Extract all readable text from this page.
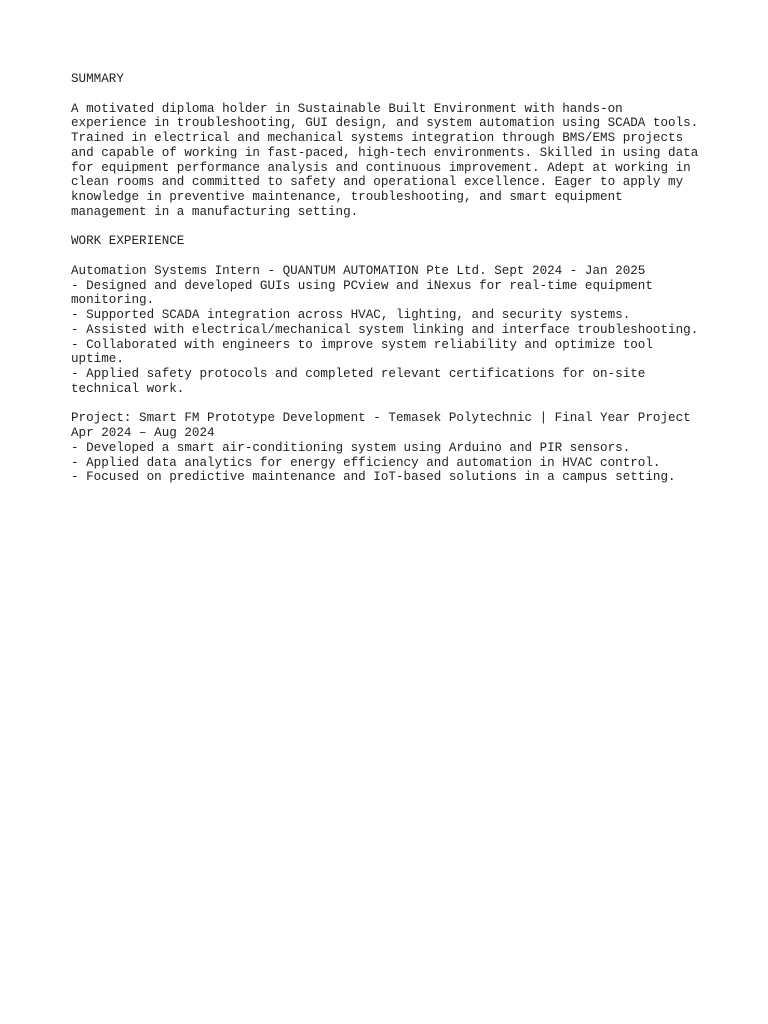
SUMMARY
A motivated diploma holder in Sustainable Built Environment with hands-on
experience in troubleshooting, GUI design, and system automation using SCADA tools.
Trained in electrical and mechanical systems integration through BMS/EMS projects
and capable of working in fast-paced, high-tech environments. Skilled in using data
for equipment performance analysis and continuous improvement. Adept at working in
clean rooms and committed to safety and operational excellence. Eager to apply my
knowledge in preventive maintenance, troubleshooting, and smart equipment
management in a manufacturing setting.
WORK EXPERIENCE
Automation Systems Intern - QUANTUM AUTOMATION Pte Ltd. Sept 2024 - Jan 2025
- Designed and developed GUIs using PCview and iNexus for real-time equipment
monitoring.
- Supported SCADA integration across HVAC, lighting, and security systems.
- Assisted with electrical/mechanical system linking and interface troubleshooting.
- Collaborated with engineers to improve system reliability and optimize tool
uptime.
- Applied safety protocols and completed relevant certifications for on-site
technical work.
Project: Smart FM Prototype Development - Temasek Polytechnic | Final Year Project
Apr 2024 – Aug 2024
- Developed a smart air-conditioning system using Arduino and PIR sensors.
- Applied data analytics for energy efficiency and automation in HVAC control.
- Focused on predictive maintenance and IoT-based solutions in a campus setting.
